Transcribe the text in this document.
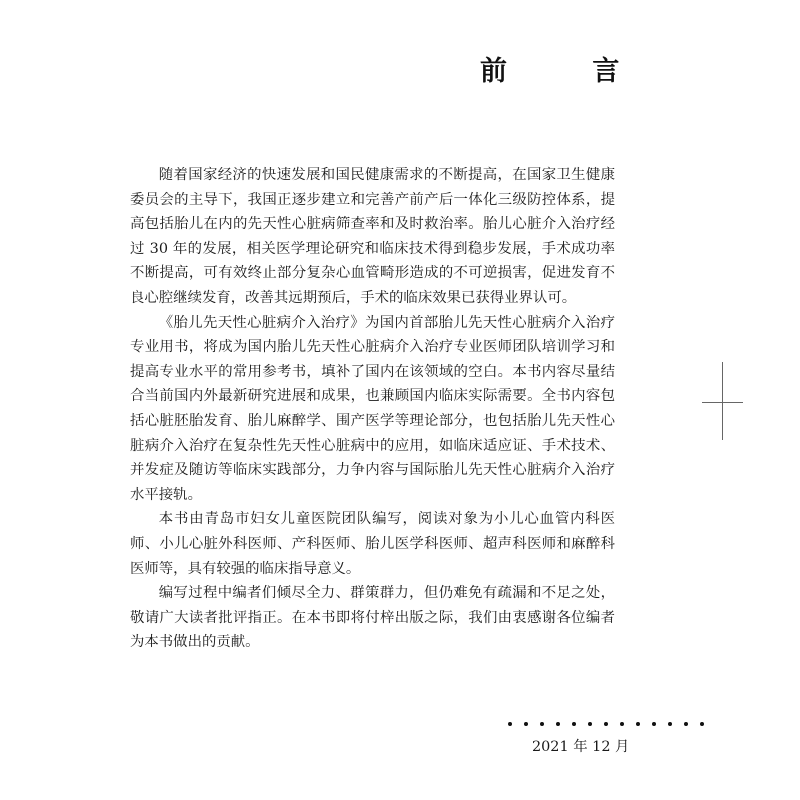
前 言

随着国家经济的快速发展和国民健康需求的不断提高，在国家卫生健康委员会的主导下，我国正逐步建立和完善产前产后一体化三级防控体系，提高包括胎儿在内的先天性心脏病筛查率和及时救治率。胎儿心脏介入治疗经过 30 年的发展，相关医学理论研究和临床技术得到稳步发展，手术成功率不断提高，可有效终止部分复杂心血管畸形造成的不可逆损害，促进发育不良心腔继续发育，改善其远期预后，手术的临床效果已获得业界认可。

《胎儿先天性心脏病介入治疗》为国内首部胎儿先天性心脏病介入治疗专业用书，将成为国内胎儿先天性心脏病介入治疗专业医师团队培训学习和提高专业水平的常用参考书，填补了国内在该领域的空白。本书内容尽量结合当前国内外最新研究进展和成果，也兼顾国内临床实际需要。全书内容包括心脏胚胎发育、胎儿麻醉学、围产医学等理论部分，也包括胎儿先天性心脏病介入治疗在复杂性先天性心脏病中的应用，如临床适应证、手术技术、并发症及随访等临床实践部分，力争内容与国际胎儿先天性心脏病介入治疗水平接轨。

本书由青岛市妇女儿童医院团队编写，阅读对象为小儿心血管内科医师、小儿心脏外科医师、产科医师、胎儿医学科医师、超声科医师和麻醉科医师等，具有较强的临床指导意义。

编写过程中编者们倾尽全力、群策群力，但仍难免有疏漏和不足之处，敬请广大读者批评指正。在本书即将付梓出版之际，我们由衷感谢各位编者为本书做出的贡献。

2021 年 12 月
